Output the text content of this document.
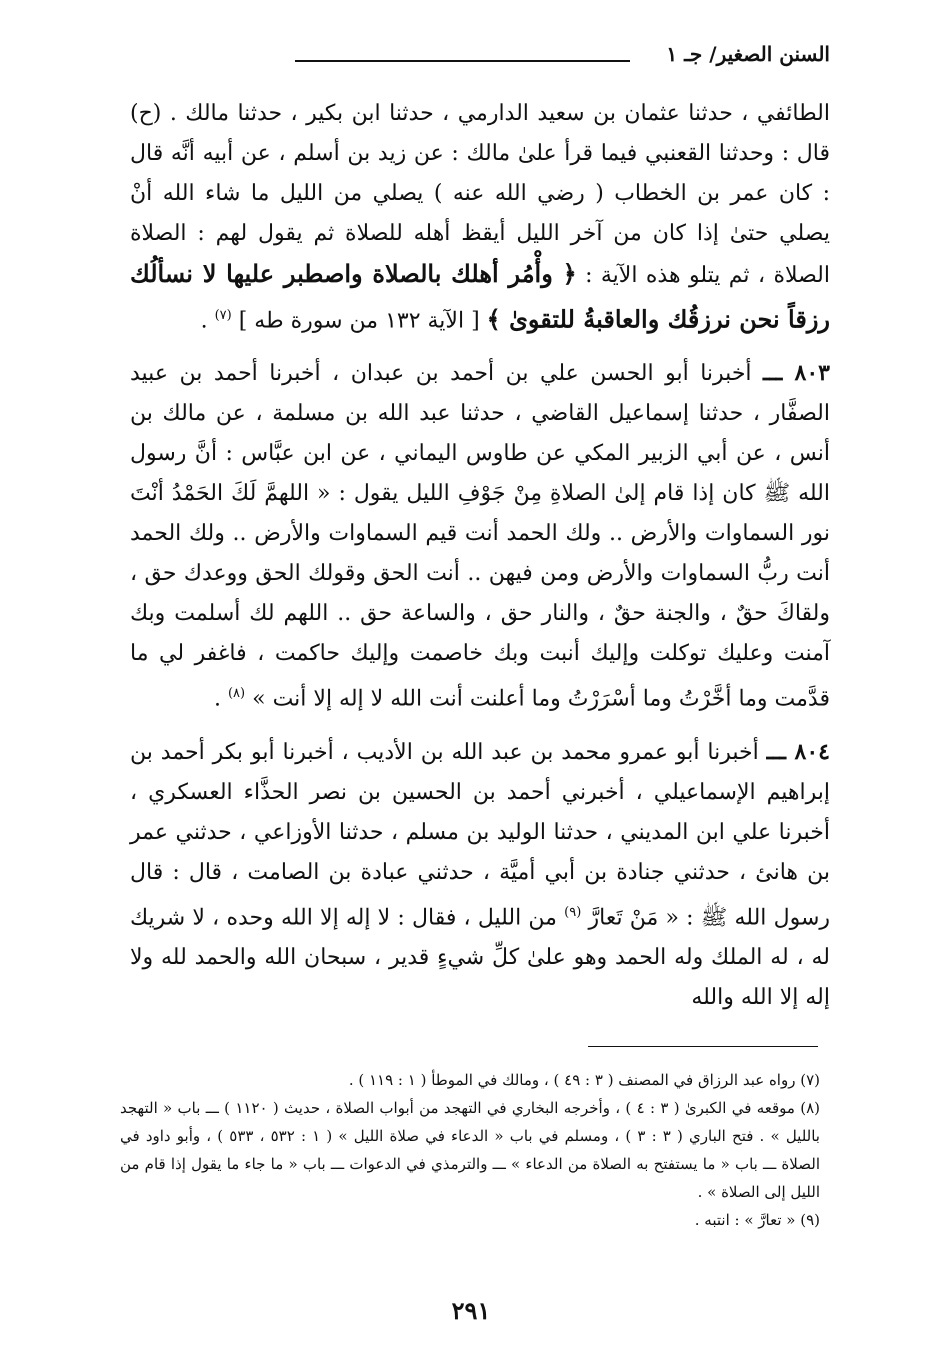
السنن الصغير/ جـ ١

الطائفي ، حدثنا عثمان بن سعيد الدارمي ، حدثنا ابن بكير ، حدثنا مالك . (ح) قال : وحدثنا القعنبي فيما قرأ علىٰ مالك : عن زيد بن أسلم ، عن أبيه أنَّه قال : كان عمر بن الخطاب ( رضي الله عنه ) يصلي من الليل ما شاء الله أنْ يصلي حتىٰ إذا كان من آخر الليل أيقظ أهله للصلاة ثم يقول لهم : الصلاة الصلاة ، ثم يتلو هذه الآية : ﴿ وأْمُر أهلك بالصلاة واصطبر عليها لا نسألُك رزقاً نحن نرزقُك والعاقبةُ للتقوىٰ ﴾ [ الآية ١٣٢ من سورة طه ] $^{(٧)}$ .

٨٠٣ ـــ أخبرنا أبو الحسن علي بن أحمد بن عبدان ، أخبرنا أحمد بن عبيد الصفَّار ، حدثنا إسماعيل القاضي ، حدثنا عبد الله بن مسلمة ، عن مالك بن أنس ، عن أبي الزبير المكي عن طاوس اليماني ، عن ابن عبَّاس : أنَّ رسول الله ﷺ كان إذا قام إلىٰ الصلاةِ مِنْ جَوْفِ الليل يقول : « اللهمَّ لَكَ الحَمْدُ أنْتَ نور السماوات والأرض .. ولك الحمد أنت قيم السماوات والأرض .. ولك الحمد أنت ربُّ السماوات والأرض ومن فيهن .. أنت الحق وقولك الحق ووعدك حق ، ولقاكَ حقٌ ، والجنة حقٌ ، والنار حق ، والساعة حق .. اللهم لك أسلمت وبك آمنت وعليك توكلت وإليك أنبت وبك خاصمت وإليك حاكمت ، فاغفر لي ما قدَّمت وما أخَّرْتُ وما أسْرَرْتُ وما أعلنت أنت الله لا إله إلا أنت » $^{(٨)}$ .

٨٠٤ ـــ أخبرنا أبو عمرو محمد بن عبد الله بن الأديب ، أخبرنا أبو بكر أحمد بن إبراهيم الإسماعيلي ، أخبرني أحمد بن الحسين بن نصر الحذَّاء العسكري ، أخبرنا علي ابن المديني ، حدثنا الوليد بن مسلم ، حدثنا الأوزاعي ، حدثني عمر بن هانئ ، حدثني جنادة بن أبي أميَّة ، حدثني عبادة بن الصامت ، قال : قال رسول الله ﷺ : « مَنْ تَعارَّ $^{(٩)}$ من الليل ، فقال : لا إله إلا الله وحده ، لا شريك له ، له الملك وله الحمد وهو علىٰ كلِّ شيءٍ قدير ، سبحان الله والحمد لله ولا إله إلا الله والله

(٧) رواه عبد الرزاق في المصنف ( ٣ : ٤٩ ) ، ومالك في الموطأ ( ١ : ١١٩ ) .
(٨) موقعه في الكبرىٰ ( ٣ : ٤ ) ، وأخرجه البخاري في التهجد من أبواب الصلاة ، حديث ( ١١٢٠ ) ـــ باب « التهجد بالليل » . فتح الباري ( ٣ : ٣ ) ، ومسلم في باب « الدعاء في صلاة الليل » ( ١ : ٥٣٢ ، ٥٣٣ ) ، وأبو داود في الصلاة ـــ باب « ما يستفتح به الصلاة من الدعاء » ـــ والترمذي في الدعوات ـــ باب « ما جاء ما يقول إذا قام من الليل إلى الصلاة » .
(٩) « تعارَّ » : انتبه .
٢٩١
